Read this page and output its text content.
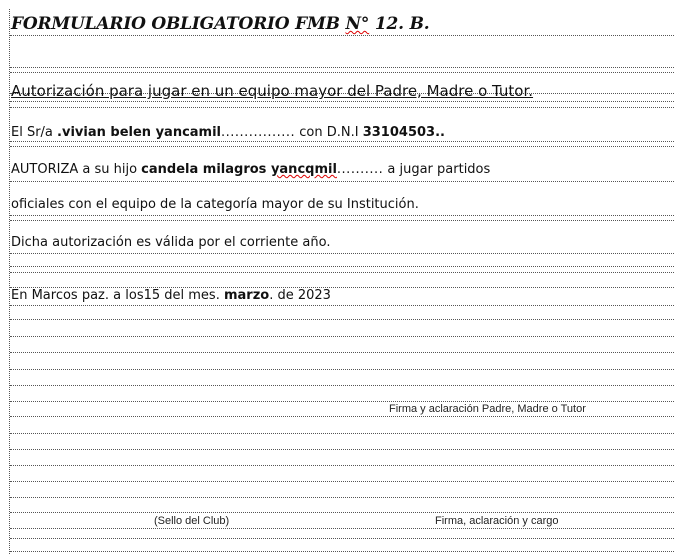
FORMULARIO OBLIGATORIO FMB N° 12. B.
Autorización para jugar en un equipo mayor del Padre, Madre o Tutor.
El Sr/a .vivian belen yancamil................ con D.N.I 33104503..
AUTORIZA a su hijo candela milagros yancqmil.......... a jugar partidos
oficiales con el equipo de la categoría mayor de su Institución.
Dicha autorización es válida por el corriente año.
En Marcos paz. a los15 del mes. marzo. de 2023
Firma y aclaración Padre, Madre o Tutor
(Sello del Club)	Firma, aclaración y cargo
